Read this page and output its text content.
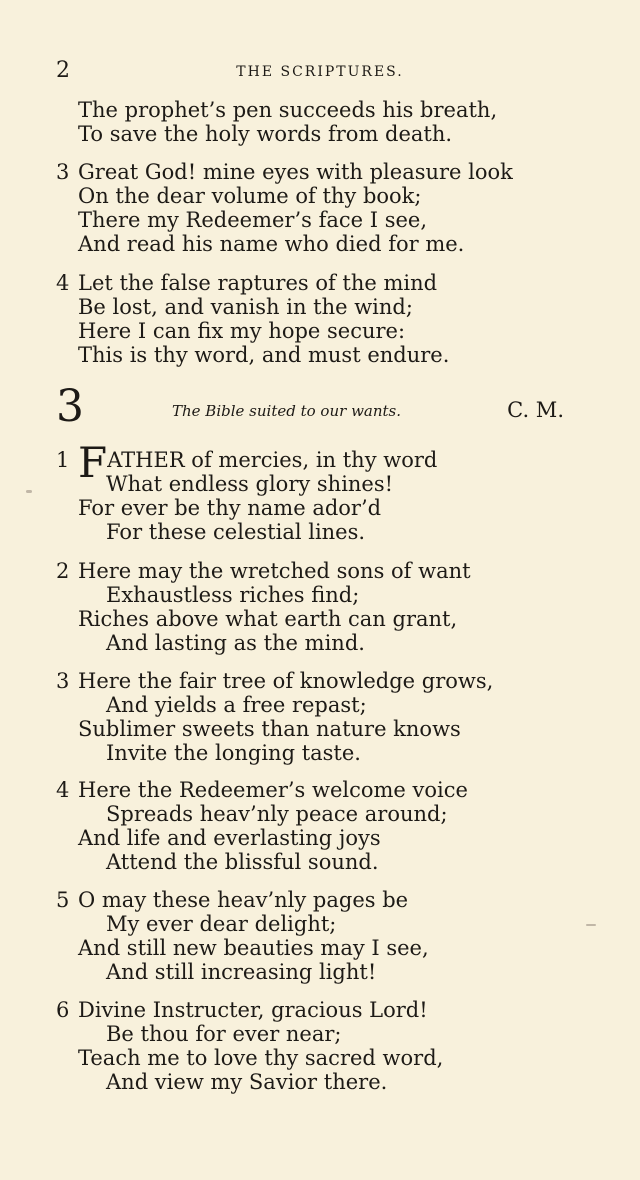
2	THE SCRIPTURES.
The prophet’s pen succeeds his breath,
To save the holy words from death.
3 Great God! mine eyes with pleasure look
On the dear volume of thy book;
There my Redeemer’s face I see,
And read his name who died for me.
4 Let the false raptures of the mind
Be lost, and vanish in the wind;
Here I can fix my hope secure:
This is thy word, and must endure.
3	The Bible suited to our wants.	C. M.
1 FATHER of mercies, in thy word
What endless glory shines!
For ever be thy name ador’d
For these celestial lines.
2 Here may the wretched sons of want
Exhaustless riches find;
Riches above what earth can grant,
And lasting as the mind.
3 Here the fair tree of knowledge grows,
And yields a free repast;
Sublimer sweets than nature knows
Invite the longing taste.
4 Here the Redeemer’s welcome voice
Spreads heav’nly peace around;
And life and everlasting joys
Attend the blissful sound.
5 O may these heav’nly pages be
My ever dear delight;
And still new beauties may I see,
And still increasing light!
6 Divine Instructer, gracious Lord!
Be thou for ever near;
Teach me to love thy sacred word,
And view my Savior there.
